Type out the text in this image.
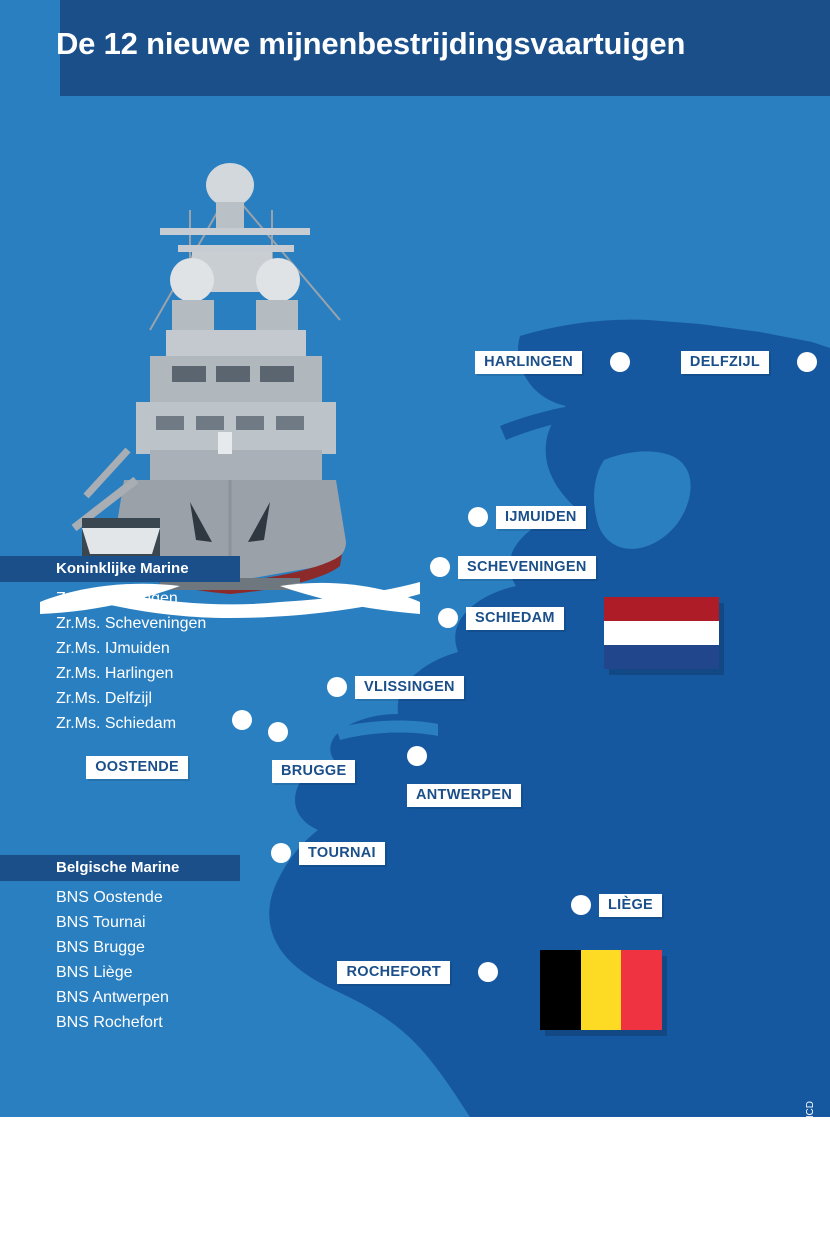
Koninklijke Marine
Zr.Ms. Vlissingen
Zr.Ms. Scheveningen
Zr.Ms. IJmuiden
Zr.Ms. Harlingen
Zr.Ms. Delfzijl
Zr.Ms. Schiedam
Belgische Marine
BNS Oostende
BNS Tournai
BNS Brugge
BNS Liège
BNS Antwerpen
BNS Rochefort
HARLINGEN	DELFZIJL
IJMUIDEN
SCHEVENINGEN
SCHIEDAM
VLISSINGEN
OOSTENDE	BRUGGE
ANTWERPEN
TOURNAI
LIÈGE
ROCHEFORT
Ministerie van Defensie | MCD
De 12 nieuwe mijnenbestrijdingsvaartuigen
